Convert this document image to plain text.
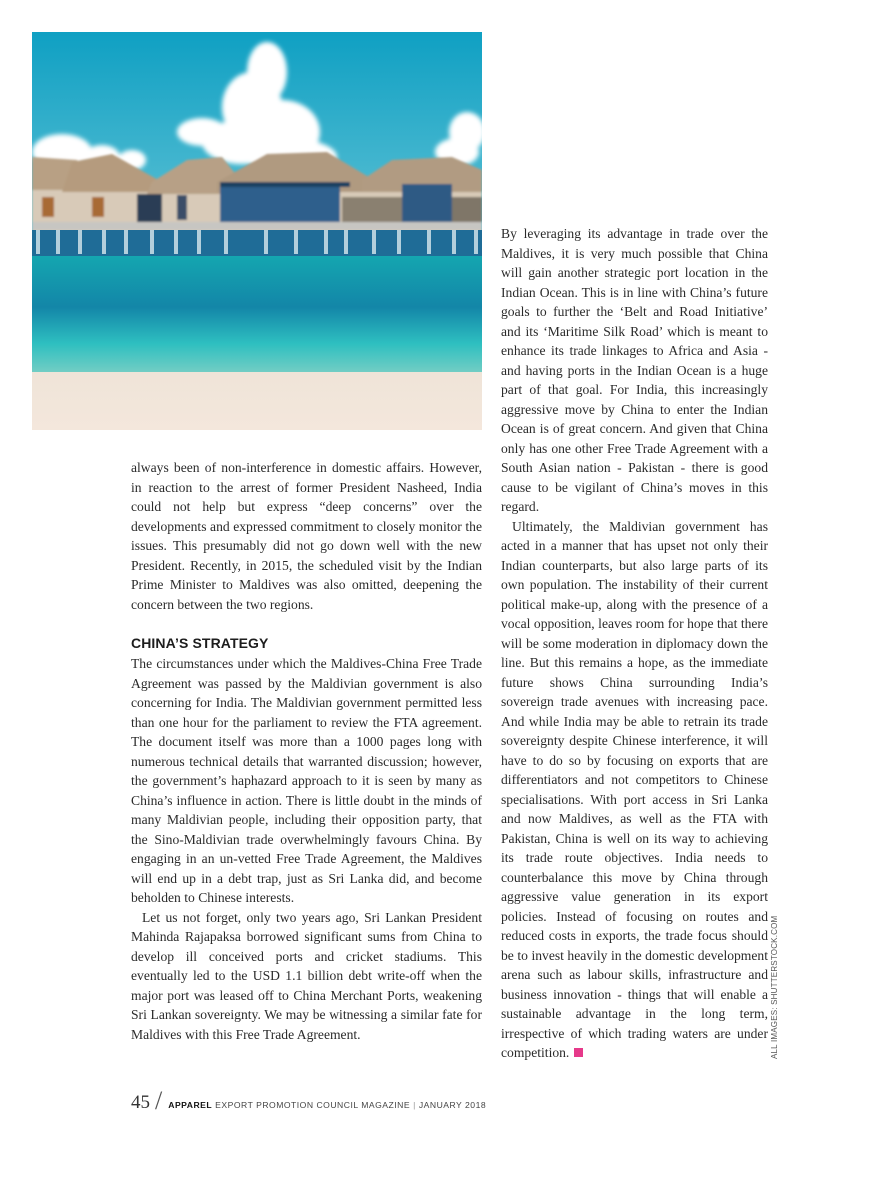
always been of non-interference in domestic affairs. However, in reaction to the arrest of former President Nasheed, India could not help but express “deep concerns” over the developments and expressed commitment to closely monitor the issues. This presumably did not go down well with the new President. Recently, in 2015, the scheduled visit by the Indian Prime Minister to Maldives was also omitted, deepening the concern between the two regions.

CHINA’S STRATEGY

The circumstances under which the Maldives-China Free Trade Agreement was passed by the Maldivian government is also concerning for India. The Maldivian government permitted less than one hour for the parliament to review the FTA agreement. The document itself was more than a 1000 pages long with numerous technical details that warranted discussion; however, the government’s haphazard approach to it is seen by many as China’s influence in action. There is little doubt in the minds of many Maldivian people, including their opposition party, that the Sino-Maldivian trade overwhelmingly favours China. By engaging in an un-vetted Free Trade Agreement, the Maldives will end up in a debt trap, just as Sri Lanka did, and become beholden to Chinese interests.

Let us not forget, only two years ago, Sri Lankan President Mahinda Rajapaksa borrowed significant sums from China to develop ill conceived ports and cricket stadiums. This eventually led to the USD 1.1 billion debt write-off when the major port was leased off to China Merchant Ports, weakening Sri Lankan sovereignty. We may be witnessing a similar fate for Maldives with this Free Trade Agreement.

By leveraging its advantage in trade over the Maldives, it is very much possible that China will gain another strategic port location in the Indian Ocean. This is in line with China’s future goals to further the ‘Belt and Road Initiative’ and its ‘Maritime Silk Road’ which is meant to enhance its trade linkages to Africa and Asia - and having ports in the Indian Ocean is a huge part of that goal. For India, this increasingly aggressive move by China to enter the Indian Ocean is of great concern. And given that China only has one other Free Trade Agreement with a South Asian nation - Pakistan - there is good cause to be vigilant of China’s moves in this regard.

Ultimately, the Maldivian government has acted in a manner that has upset not only their Indian counterparts, but also large parts of its own population. The instability of their current political make-up, along with the presence of a vocal opposition, leaves room for hope that there will be some moderation in diplomacy down the line. But this remains a hope, as the immediate future shows China surrounding India’s sovereign trade avenues with increasing pace. And while India may be able to retrain its trade sovereignty despite Chinese interference, it will have to do so by focusing on exports that are differentiators and not competitors to Chinese specialisations. With port access in Sri Lanka and now Maldives, as well as the FTA with Pakistan, China is well on its way to achieving its trade route objectives. India needs to counterbalance this move by China through aggressive value generation in its export policies. Instead of focusing on routes and reduced costs in exports, the trade focus should be to invest heavily in the domestic development arena such as labour skills, infrastructure and business innovation - things that will enable a sustainable advantage in the long term, irrespective of which trading waters are under competition.	ALL IMAGES: SHUTTERSTOCK.COM
45 / APPAREL EXPORT PROMOTION COUNCIL MAGAZINE | JANUARY 2018
